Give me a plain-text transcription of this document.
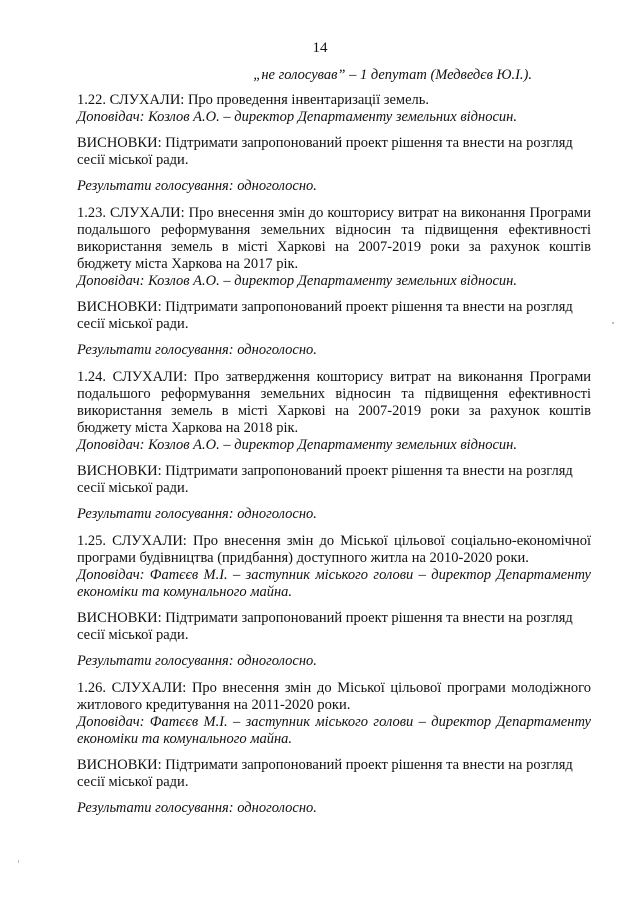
14
„не голосував” – 1 депутат (Медведєв Ю.І.).

1.22. СЛУХАЛИ: Про проведення інвентаризації земель.

Доповідач: Козлов А.О. – директор Департаменту земельних відносин.

ВИСНОВКИ: Підтримати запропонований проект рішення та внести на розгляд сесії міської ради.

Результати голосування: одноголосно.

1.23. СЛУХАЛИ: Про внесення змін до кошторису витрат на виконання Програми подальшого реформування земельних відносин та підвищення ефективності використання земель в місті Харкові на 2007-2019 роки за рахунок коштів бюджету міста Харкова на 2017 рік.

Доповідач: Козлов А.О. – директор Департаменту земельних відносин.

ВИСНОВКИ: Підтримати запропонований проект рішення та внести на розгляд сесії міської ради.

Результати голосування: одноголосно.

1.24. СЛУХАЛИ: Про затвердження кошторису витрат на виконання Програми подальшого реформування земельних відносин та підвищення ефективності використання земель в місті Харкові на 2007-2019 роки за рахунок коштів бюджету міста Харкова на 2018 рік.

Доповідач: Козлов А.О. – директор Департаменту земельних відносин.

ВИСНОВКИ: Підтримати запропонований проект рішення та внести на розгляд сесії міської ради.

Результати голосування: одноголосно.

1.25. СЛУХАЛИ: Про внесення змін до Міської цільової соціально-економічної програми будівництва (придбання) доступного житла на 2010-2020 роки.

Доповідач: Фатєєв М.І. – заступник міського голови – директор Департаменту економіки та комунального майна.

ВИСНОВКИ: Підтримати запропонований проект рішення та внести на розгляд сесії міської ради.

Результати голосування: одноголосно.

1.26. СЛУХАЛИ: Про внесення змін до Міської цільової програми молодіжного житлового кредитування на 2011-2020 роки.

Доповідач: Фатєєв М.І. – заступник міського голови – директор Департаменту економіки та комунального майна.

ВИСНОВКИ: Підтримати запропонований проект рішення та внести на розгляд сесії міської ради.

Результати голосування: одноголосно.
